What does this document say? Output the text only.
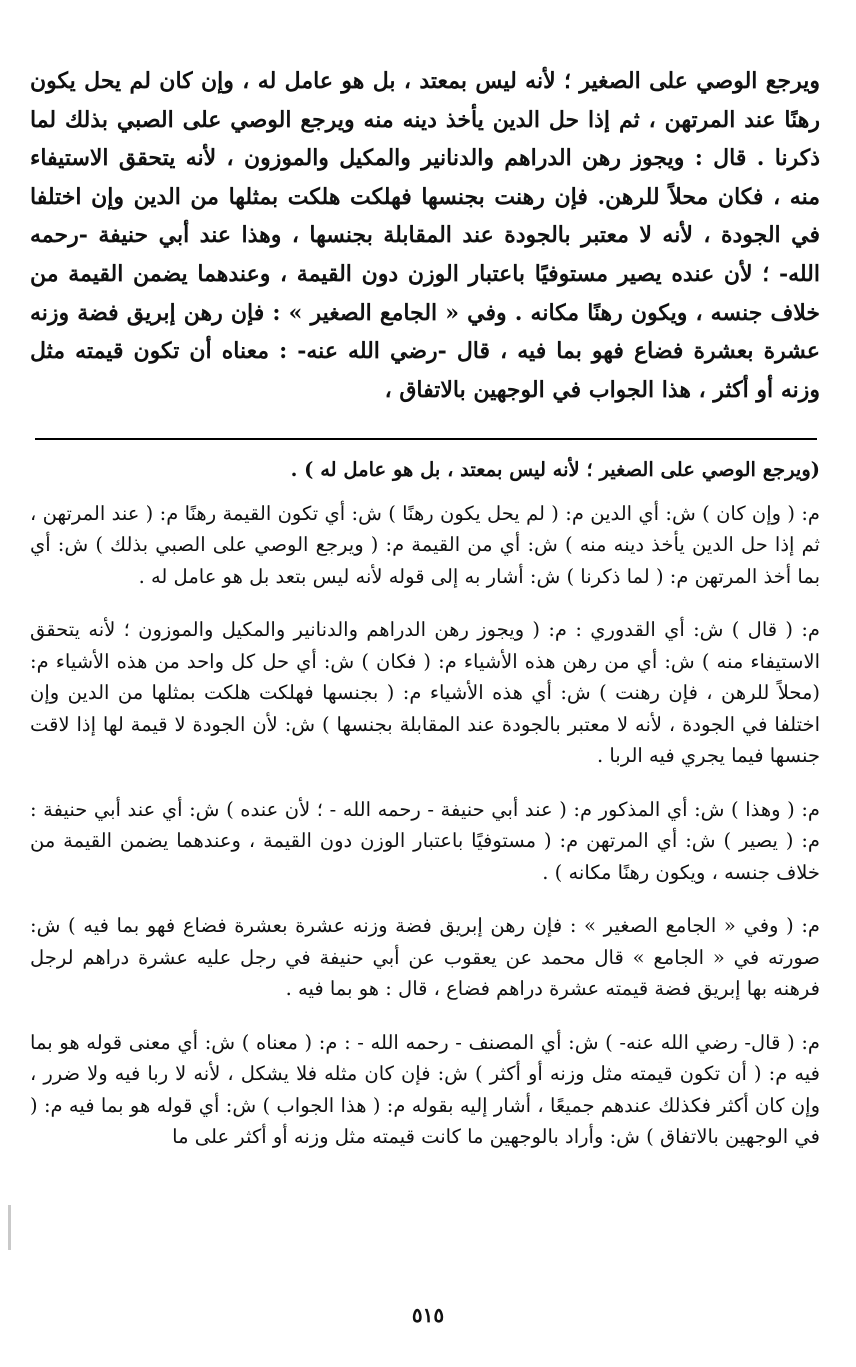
ويرجع الوصي على الصغير ؛ لأنه ليس بمعتد ، بل هو عامل له ، وإن كان لم يحل يكون رهنًا عند المرتهن ، ثم إذا حل الدين يأخذ دينه منه ويرجع الوصي على الصبي بذلك لما ذكرنا . قال : ويجوز رهن الدراهم والدنانير والمكيل والموزون ، لأنه يتحقق الاستيفاء منه ، فكان محلاً للرهن. فإن رهنت بجنسها فهلكت هلكت بمثلها من الدين وإن اختلفا في الجودة ، لأنه لا معتبر بالجودة عند المقابلة بجنسها ، وهذا عند أبي حنيفة -رحمه الله- ؛ لأن عنده يصير مستوفيًا باعتبار الوزن دون القيمة ، وعندهما يضمن القيمة من خلاف جنسه ، ويكون رهنًا مكانه . وفي « الجامع الصغير » : فإن رهن إبريق فضة وزنه عشرة بعشرة فضاع فهو بما فيه ، قال -رضي الله عنه- : معناه أن تكون قيمته مثل وزنه أو أكثر ، هذا الجواب في الوجهين بالاتفاق ،

(ويرجع الوصي على الصغير ؛ لأنه ليس بمعتد ، بل هو عامل له ) .

م: ( وإن كان ) ش: أي الدين م: ( لم يحل يكون رهنًا ) ش: أي تكون القيمة رهنًا م: ( عند المرتهن ، ثم إذا حل الدين يأخذ دينه منه ) ش: أي من القيمة م: ( ويرجع الوصي على الصبي بذلك ) ش: أي بما أخذ المرتهن م: ( لما ذكرنا ) ش: أشار به إلى قوله لأنه ليس بتعد بل هو عامل له .

م: ( قال ) ش: أي القدوري : م: ( ويجوز رهن الدراهم والدنانير والمكيل والموزون ؛ لأنه يتحقق الاستيفاء منه ) ش: أي من رهن هذه الأشياء م: ( فكان ) ش: أي حل كل واحد من هذه الأشياء م: (محلاً للرهن ، فإن رهنت ) ش: أي هذه الأشياء م: ( بجنسها فهلكت هلكت بمثلها من الدين وإن اختلفا في الجودة ، لأنه لا معتبر بالجودة عند المقابلة بجنسها ) ش: لأن الجودة لا قيمة لها إذا لاقت جنسها فيما يجري فيه الربا .

م: ( وهذا ) ش: أي المذكور م: ( عند أبي حنيفة - رحمه الله - ؛ لأن عنده ) ش: أي عند أبي حنيفة : م: ( يصير ) ش: أي المرتهن م: ( مستوفيًا باعتبار الوزن دون القيمة ، وعندهما يضمن القيمة من خلاف جنسه ، ويكون رهنًا مكانه ) .

م: ( وفي « الجامع الصغير » : فإن رهن إبريق فضة وزنه عشرة بعشرة فضاع فهو بما فيه ) ش: صورته في « الجامع » قال محمد عن يعقوب عن أبي حنيفة في رجل عليه عشرة دراهم لرجل فرهنه بها إبريق فضة قيمته عشرة دراهم فضاع ، قال : هو بما فيه .

م: ( قال- رضي الله عنه- ) ش: أي المصنف - رحمه الله - : م: ( معناه ) ش: أي معنى قوله هو بما فيه م: ( أن تكون قيمته مثل وزنه أو أكثر ) ش: فإن كان مثله فلا يشكل ، لأنه لا ربا فيه ولا ضرر ، وإن كان أكثر فكذلك عندهم جميعًا ، أشار إليه بقوله م: ( هذا الجواب ) ش: أي قوله هو بما فيه م: ( في الوجهين بالاتفاق ) ش: وأراد بالوجهين ما كانت قيمته مثل وزنه أو أكثر على ما

٥١٥
